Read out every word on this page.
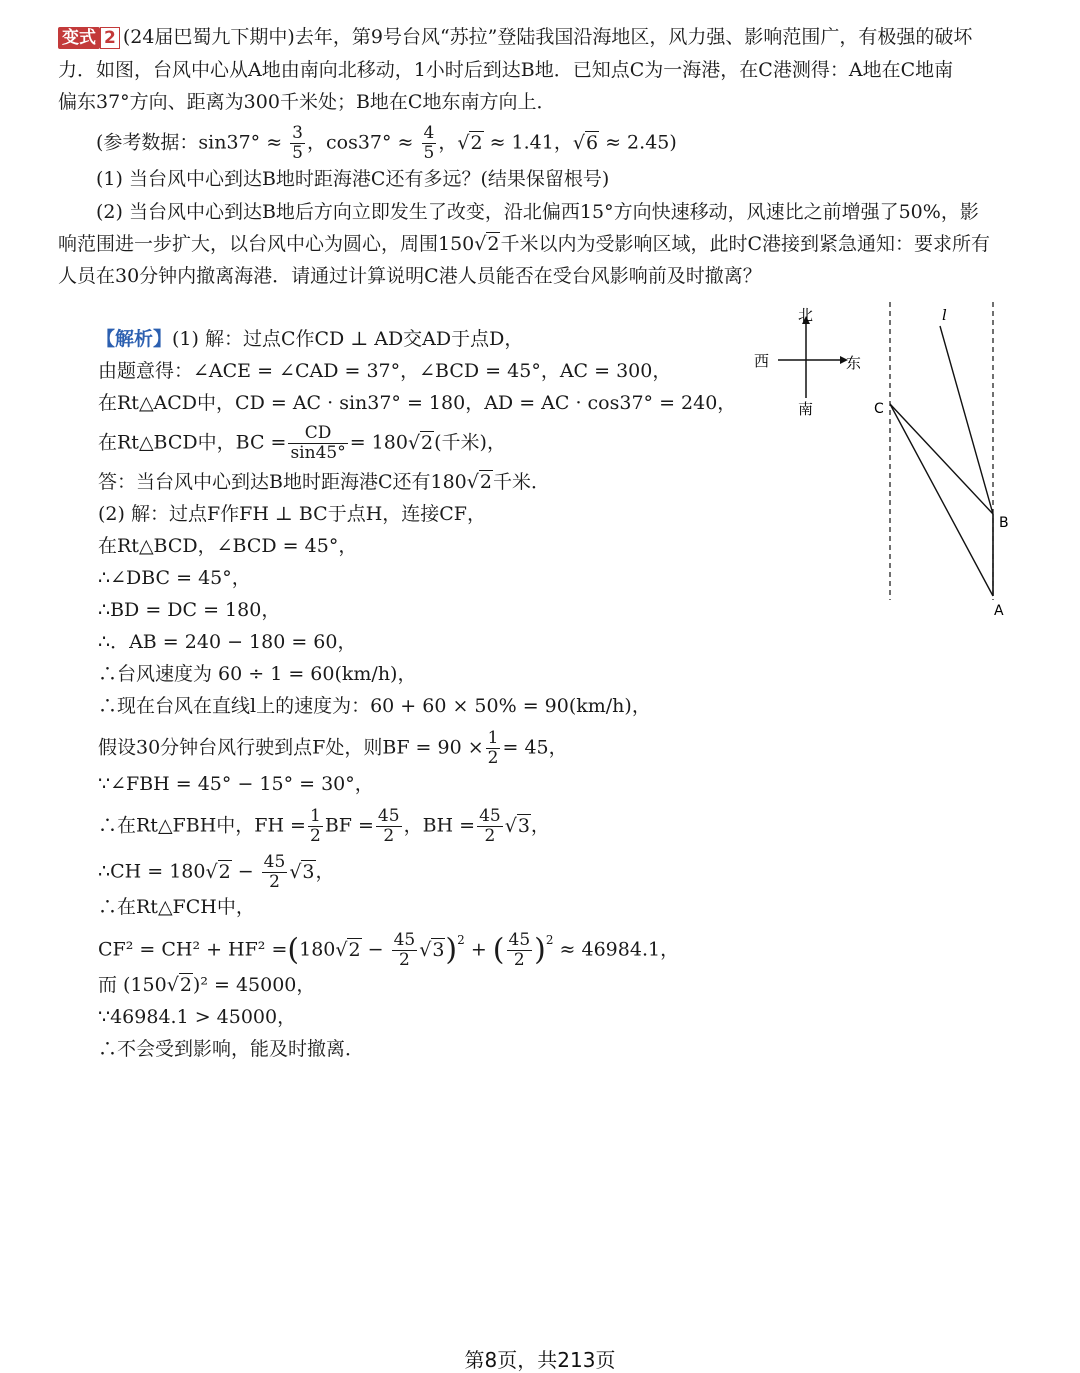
变式 2 (24届巴蜀九下期中)去年，第9号台风“苏拉”登陆我国沿海地区，风力强、影响范围广，有极强的破坏
力．如图，台风中心从A地由南向北移动，1小时后到达B地．已知点C为一海港，在C港测得：A地在C地南
偏东37°方向、距离为300千米处；B地在C地东南方向上．
(参考数据：$\sin 37^\circ \approx \frac{3}{5}$ ，$\cos 37^\circ \approx \frac{4}{5}$ ，√2 ≈ 1.41，√6 ≈ 2.45)
(1) 当台风中心到达B地时距海港C还有多远？(结果保留根号)
(2) 当台风中心到达B地后方向立即发生了改变，沿北偏西15°方向快速移动，风速比之前增强了50%，影
响范围进一步扩大，以台风中心为圆心，周围150√2千米以内为受影响区域，此时C港接到紧急通知：要求所有
人员在30分钟内撤离海港．请通过计算说明C港人员能否在受台风影响前及时撤离？
【解析】(1) 解：过点C作CD ⊥ AD交AD于点D，
由题意得：∠ACE = ∠CAD = 37°，∠BCD = 45°，AC = 300，
在Rt△ACD中，CD = AC · sin37° = 180，AD = AC · cos37° = 240，
在Rt△BCD中，BC = $\frac{CD}{\sin 45^\circ} = 180√2$(千米)，
答：当台风中心到达B地时距海港C还有180√2千米．
(2) 解：过点F作FH ⊥ BC于点H，连接CF，
在Rt△BCD，∠BCD = 45°，
∴∠DBC = 45°，
∴BD = DC = 180，
∴．AB = 240 − 180 = 60，
∴台风速度为 60 ÷ 1 = 60(km/h)，
∴现在台风在直线l上的速度为：60 + 60 × 50% = 90(km/h)，
假设30分钟台风行驶到点F处，则BF = $90 \times \frac{1}{2} = 45$，
∵∠FBH = 45° − 15° = 30°，
∴在Rt△FBH中，FH = $\frac{1}{2}$ BF = $\frac{45}{2}$ ，BH = $\frac{45}{2} √3$，
∴CH = $180√2 - \frac{45}{2} √3$，
∴在Rt△FCH中，
$CF^2 = CH^2 + HF^2 =(180√2 - \frac{45}{2} √3)^2$ + ( $\frac{45}{2} )^2 \approx 46984.1$，
而 (150√2)² = 45000，
∵46984.1 > 45000，
∴不会受到影响，能及时撤离．
北
南
西	东
C
B
A
l
第8页，共213页
